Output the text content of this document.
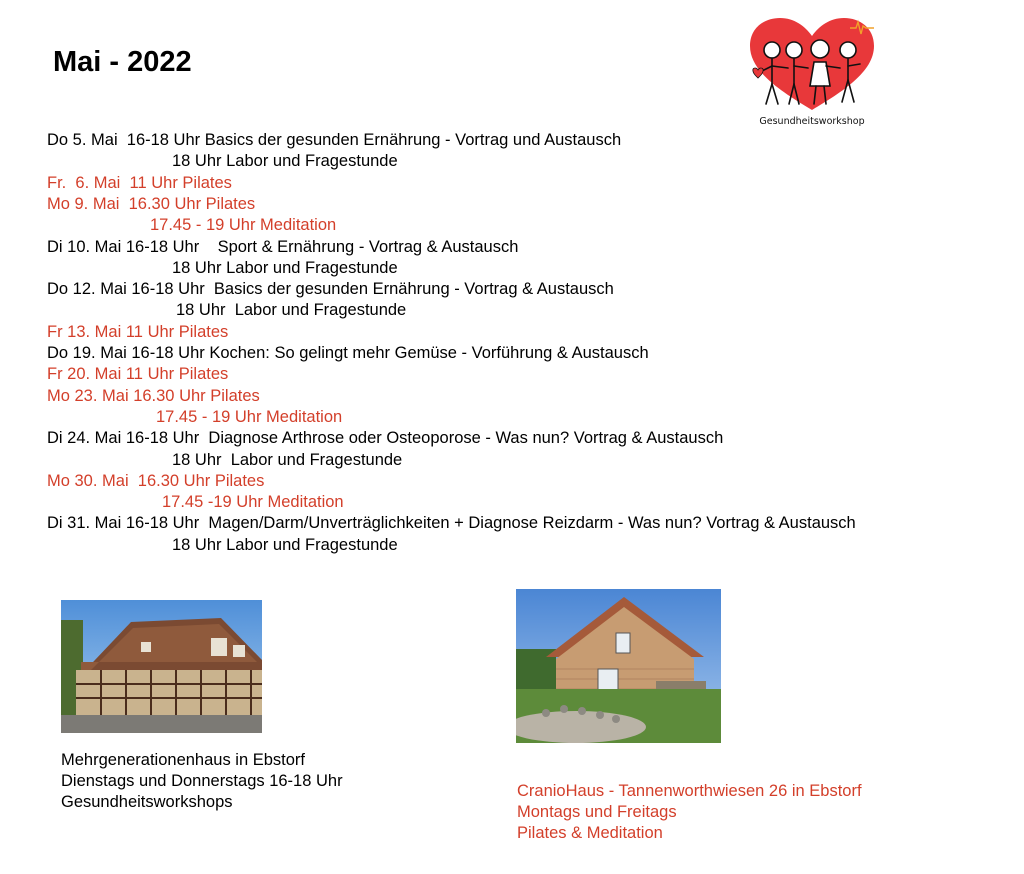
Mai - 2022
Gesundheitsworkshop
Do 5. Mai  16-18 Uhr Basics der gesunden Ernährung - Vortrag und Austausch
18 Uhr Labor und Fragestunde
Fr.  6. Mai  11 Uhr Pilates
Mo 9. Mai  16.30 Uhr Pilates
17.45 - 19 Uhr Meditation
Di 10. Mai 16-18 Uhr    Sport & Ernährung - Vortrag & Austausch
18 Uhr Labor und Fragestunde
Do 12. Mai 16-18 Uhr  Basics der gesunden Ernährung - Vortrag & Austausch
18 Uhr  Labor und Fragestunde
Fr 13. Mai 11 Uhr Pilates
Do 19. Mai 16-18 Uhr Kochen: So gelingt mehr Gemüse - Vorführung & Austausch
Fr 20. Mai 11 Uhr Pilates
Mo 23. Mai 16.30 Uhr Pilates
17.45 - 19 Uhr Meditation
Di 24. Mai 16-18 Uhr  Diagnose Arthrose oder Osteoporose - Was nun? Vortrag & Austausch
18 Uhr  Labor und Fragestunde
Mo 30. Mai  16.30 Uhr Pilates
17.45 -19 Uhr Meditation
Di 31. Mai 16-18 Uhr  Magen/Darm/Unverträglichkeiten + Diagnose Reizdarm - Was nun? Vortrag & Austausch
18 Uhr Labor und Fragestunde
Mehrgenerationenhaus in Ebstorf
Dienstags und Donnerstags 16-18 Uhr
Gesundheitsworkshops
CranioHaus - Tannenworthwiesen 26 in Ebstorf
Montags und Freitags
Pilates & Meditation
